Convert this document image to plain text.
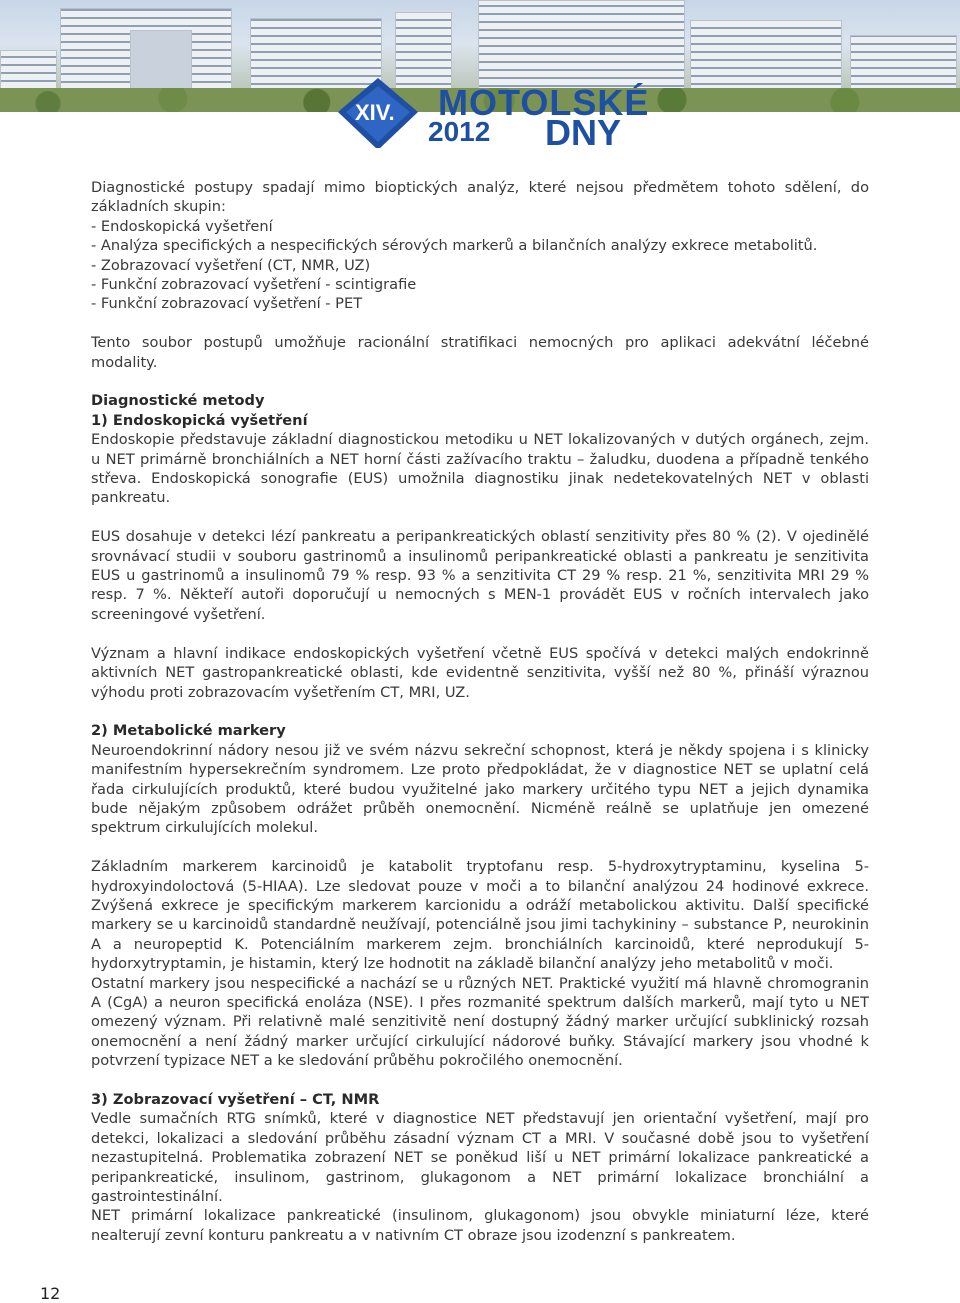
XIV. MOTOLSKÉ
2012 DNY

Diagnostické postupy spadají mimo bioptických analýz, které nejsou předmětem tohoto sdělení, do základních skupin:

- Endoskopická vyšetření

- Analýza specifických a nespecifických sérových markerů a bilančních analýzy exkrece metabolitů.

- Zobrazovací vyšetření (CT, NMR, UZ)

- Funkční zobrazovací vyšetření - scintigrafie

- Funkční zobrazovací vyšetření - PET

Tento soubor postupů umožňuje racionální stratifikaci nemocných pro aplikaci adekvátní léčebné modality.

Diagnostické metody

1) Endoskopická vyšetření

Endoskopie představuje základní diagnostickou metodiku u NET lokalizovaných v dutých orgánech, zejm. u NET primárně bronchiálních a NET horní části zažívacího traktu – žaludku, duodena a případně tenkého střeva. Endoskopická sonografie (EUS) umožnila diagnostiku jinak nedetekovatelných NET v oblasti pankreatu.

EUS dosahuje v detekci lézí pankreatu a peripankreatických oblastí senzitivity přes 80 % (2). V ojedinělé srovnávací studii v souboru gastrinomů a insulinomů peripankreatické oblasti a pankreatu je senzitivita EUS u gastrinomů a insulinomů 79 % resp. 93 % a senzitivita CT 29 % resp. 21 %, senzitivita MRI 29 % resp. 7 %. Někteří autoři doporučují u nemocných s MEN-1 provádět EUS v ročních intervalech jako screeningové vyšetření.

Význam a hlavní indikace endoskopických vyšetření včetně EUS spočívá v detekci malých endokrinně aktivních NET gastropankreatické oblasti, kde evidentně senzitivita, vyšší než 80 %, přináší výraznou výhodu proti zobrazovacím vyšetřením CT, MRI, UZ.

2) Metabolické markery

Neuroendokrinní nádory nesou již ve svém názvu sekreční schopnost, která je někdy spojena i s klinicky manifestním hypersekrečním syndromem. Lze proto předpokládat, že v diagnostice NET se uplatní celá řada cirkulujících produktů, které budou využitelné jako markery určitého typu NET a jejich dynamika bude nějakým způsobem odrážet průběh onemocnění. Nicméně reálně se uplatňuje jen omezené spektrum cirkulujících molekul.

Základním markerem karcinoidů je katabolit tryptofanu resp. 5-hydroxytryptaminu, kyselina 5-hydroxyindoloctová (5-HIAA). Lze sledovat pouze v moči a to bilanční analýzou 24 hodinové exkrece. Zvýšená exkrece je specifickým markerem karcionidu a odráží metabolickou aktivitu. Další specifické markery se u karcinoidů standardně neužívají, potenciálně jsou jimi tachykininy – substance P, neurokinin A a neuropeptid K. Potenciálním markerem zejm. bronchiálních karcinoidů, které neprodukují 5-hydorxytryptamin, je histamin, který lze hodnotit na základě bilanční analýzy jeho metabolitů v moči.

Ostatní markery jsou nespecifické a nachází se u různých NET. Praktické využití má hlavně chromogranin A (CgA) a neuron specifická enoláza (NSE). I přes rozmanité spektrum dalších markerů, mají tyto u NET omezený význam. Při relativně malé senzitivitě není dostupný žádný marker určující subklinický rozsah onemocnění a není žádný marker určující cirkulující nádorové buňky. Stávající markery jsou vhodné k potvrzení typizace NET a ke sledování průběhu pokročilého onemocnění.

3) Zobrazovací vyšetření – CT, NMR

Vedle sumačních RTG snímků, které v diagnostice NET představují jen orientační vyšetření, mají pro detekci, lokalizaci a sledování průběhu zásadní význam CT a MRI. V současné době jsou to vyšetření nezastupitelná. Problematika zobrazení NET se poněkud liší u NET primární lokalizace pankreatické a peripankreatické, insulinom, gastrinom, glukagonom a NET primární lokalizace bronchiální a gastrointestinální.

NET primární lokalizace pankreatické (insulinom, glukagonom) jsou obvykle miniaturní léze, které nealterují zevní konturu pankreatu a v nativním CT obraze jsou izodenzní s pankreatem.

12
